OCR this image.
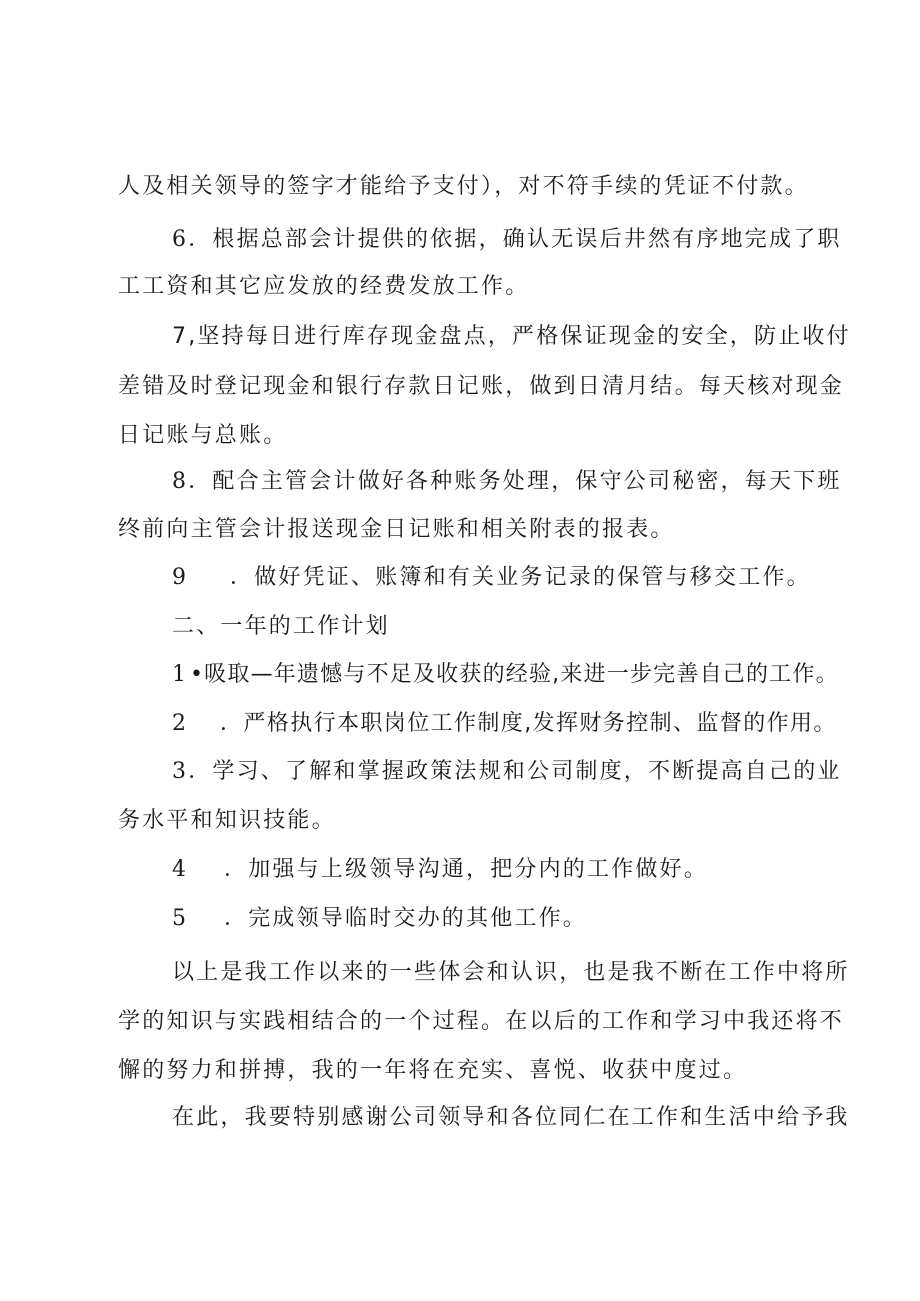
人及相关领导的签字才能给予支付），对不符手续的凭证不付款。
6．根据总部会计提供的依据，确认无误后井然有序地完成了职
工工资和其它应发放的经费发放工作。
7,坚持每日进行库存现金盘点，严格保证现金的安全，防止收付
差错及时登记现金和银行存款日记账，做到日清月结。每天核对现金
日记账与总账。
8．配合主管会计做好各种账务处理，保守公司秘密，每天下班
终前向主管会计报送现金日记账和相关附表的报表。
9 ．做好凭证、账簿和有关业务记录的保管与移交工作。
二、一年的工作计划
1 •吸取—年遗憾与不足及收获的经验,来进一步完善自己的工作。
2 ．严格执行本职岗位工作制度,发挥财务控制、监督的作用。
3．学习、了解和掌握政策法规和公司制度，不断提高自己的业
务水平和知识技能。
4 ．加强与上级领导沟通，把分内的工作做好。
5 ．完成领导临时交办的其他工作。
以上是我工作以来的一些体会和认识，也是我不断在工作中将所
学的知识与实践相结合的一个过程。在以后的工作和学习中我还将不
懈的努力和拼搏，我的一年将在充实、喜悦、收获中度过。
在此，我要特别感谢公司领导和各位同仁在工作和生活中给予我
